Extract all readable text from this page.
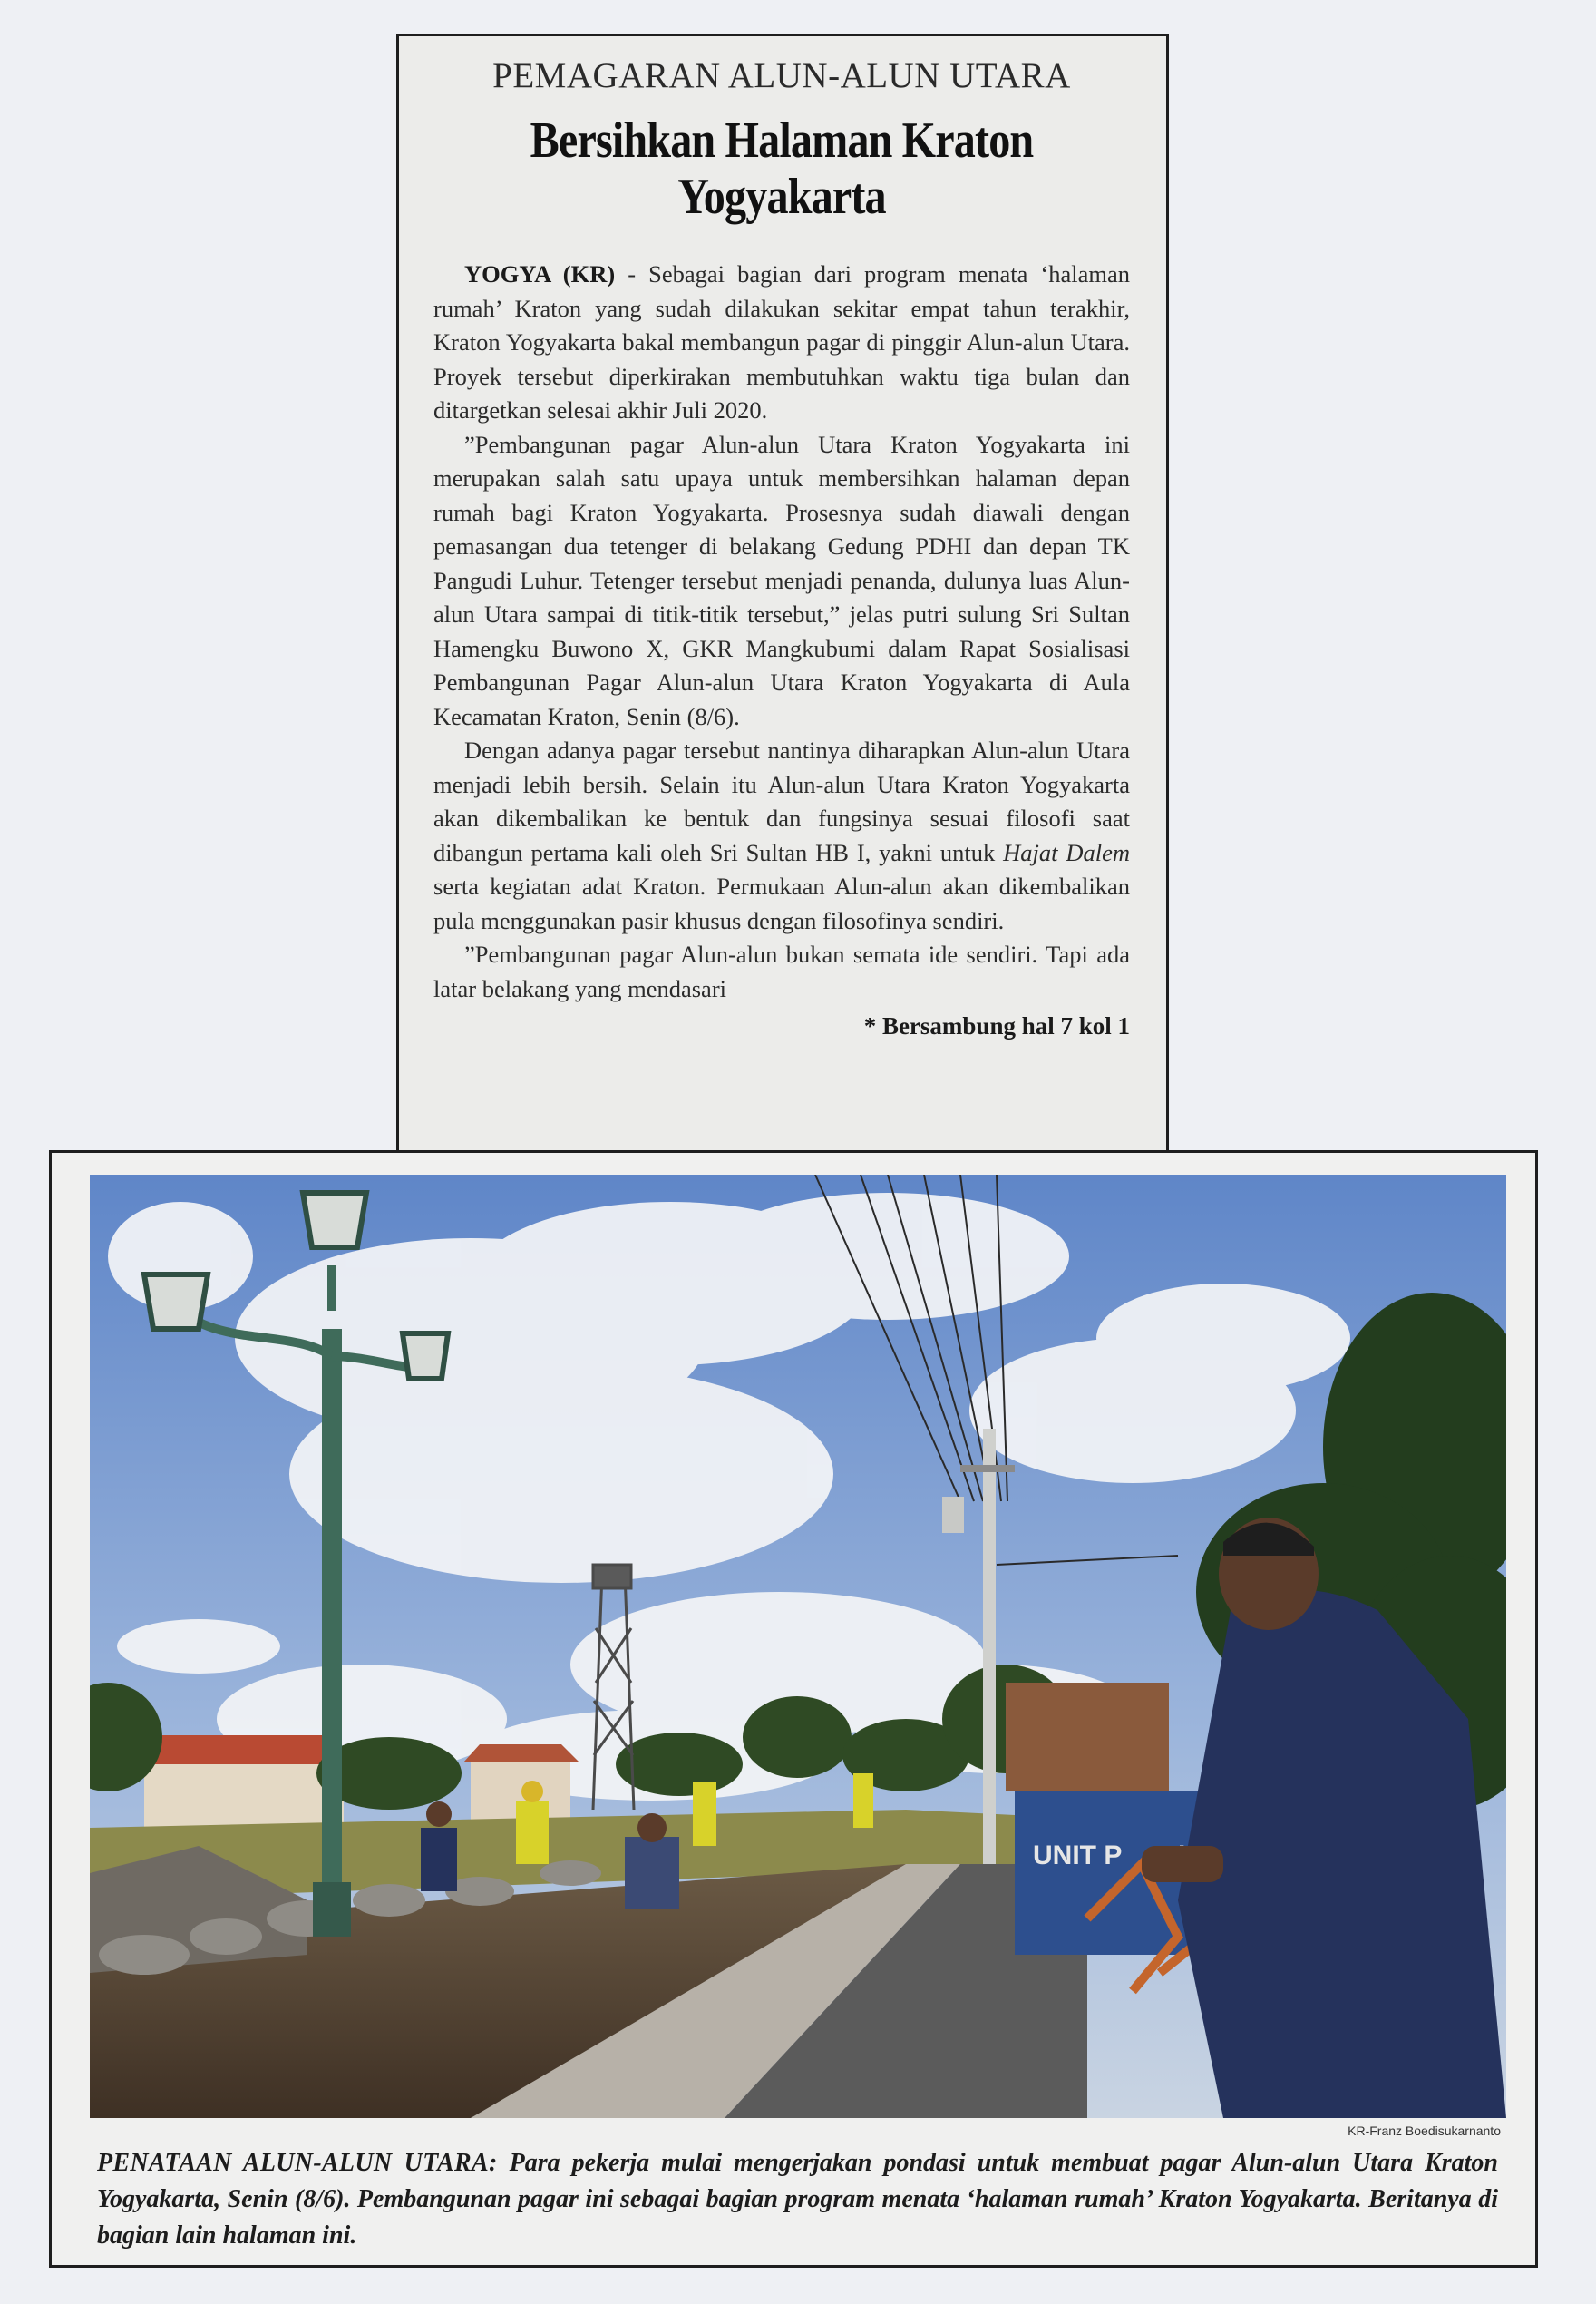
PEMAGARAN ALUN-ALUN UTARA
Bersihkan Halaman Kraton Yogyakarta

YOGYA (KR) - Sebagai bagian dari program menata ‘halaman rumah’ Kraton yang sudah dilakukan sekitar empat tahun terakhir, Kraton Yogyakarta bakal membangun pagar di pinggir Alun-alun Utara. Proyek tersebut diperkirakan membutuhkan waktu tiga bulan dan ditargetkan selesai akhir Juli 2020.

”Pembangunan pagar Alun-alun Utara Kraton Yogyakarta ini merupakan salah satu upaya untuk membersihkan halaman depan rumah bagi Kraton Yogyakarta. Prosesnya sudah diawali dengan pemasangan dua tetenger di belakang Gedung PDHI dan depan TK Pangudi Luhur. Tetenger tersebut menjadi penanda, dulunya luas Alun-alun Utara sampai di titik-titik tersebut,” jelas putri sulung Sri Sultan Hamengku Buwono X, GKR Mangkubumi dalam Rapat Sosialisasi Pembangunan Pagar Alun-alun Utara Kraton Yogyakarta di Aula Kecamatan Kraton, Senin (8/6).

Dengan adanya pagar tersebut nantinya diharapkan Alun-alun Utara menjadi lebih bersih. Selain itu Alun-alun Utara Kraton Yogyakarta akan dikembalikan ke bentuk dan fungsinya sesuai filosofi saat dibangun pertama kali oleh Sri Sultan HB I, yakni untuk Hajat Dalem serta kegiatan adat Kraton. Permukaan Alun-alun akan dikembalikan pula menggunakan pasir khusus dengan filosofinya sendiri.

”Pembangunan pagar Alun-alun bukan semata ide sendiri. Tapi ada latar belakang yang mendasari

* Bersambung hal 7 kol 1
UNIT P
KR-Franz Boedisukarnanto
PENATAAN ALUN-ALUN UTARA: Para pekerja mulai mengerjakan pondasi untuk membuat pagar Alun-alun Utara Kraton Yogyakarta, Senin (8/6). Pembangunan pagar ini sebagai bagian program menata ‘halaman rumah’ Kraton Yogyakarta. Beritanya di bagian lain halaman ini.
